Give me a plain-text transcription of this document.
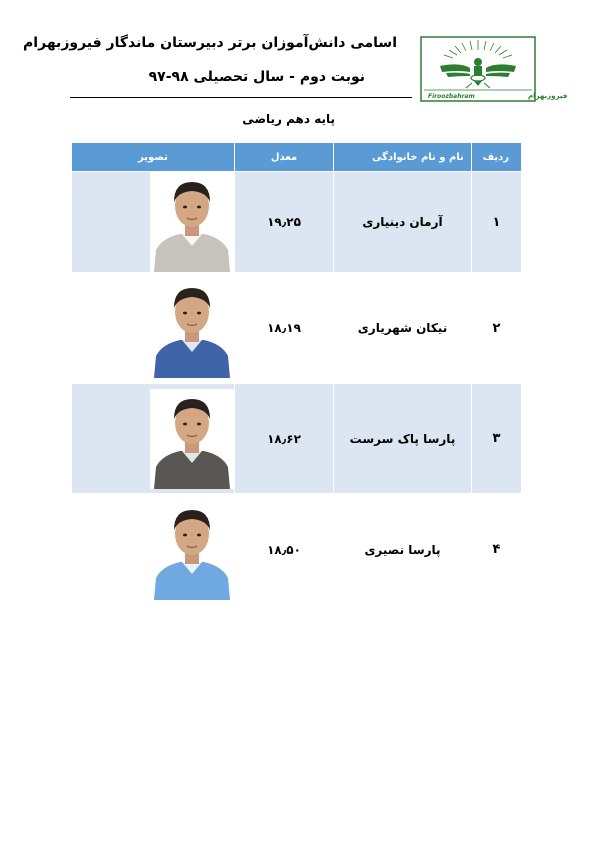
اسامی دانش‌آموزان برتر دبیرستان ماندگار فیروزبهرام
نوبت دوم - سال تحصیلی ۹۸-۹۷
Firoozbahram	فیروزبهرام
پایه دهم ریاضی
ردیف	نام و نام خانوادگی	معدل	تصویر
۱	آرمان دینیاری	۱۹٫۲۵	

۲	نیکان شهریاری	۱۸٫۱۹	

۳	پارسا پاک سرست	۱۸٫۶۲	

۴	پارسا نصیری	۱۸٫۵۰	
